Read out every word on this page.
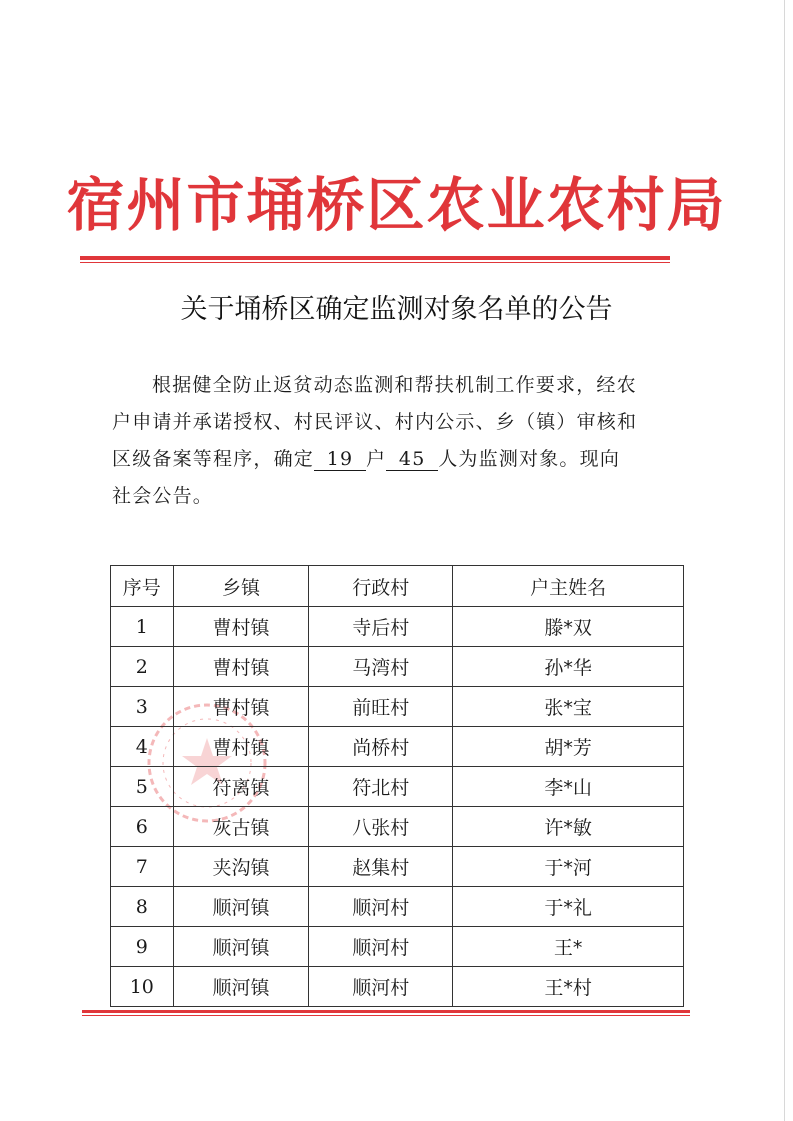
宿州市埇桥区农业农村局
关于埇桥区确定监测对象名单的公告
根据健全防止返贫动态监测和帮扶机制工作要求，经农
户申请并承诺授权、村民评议、村内公示、乡（镇）审核和
区级备案等程序，确定 19 户 45 人为监测对象。现向
社会公告。
序号	乡镇	行政村	户主姓名
1	曹村镇	寺后村	滕*双
2	曹村镇	马湾村	孙*华
3	曹村镇	前旺村	张*宝
4	曹村镇	尚桥村	胡*芳
5	符离镇	符北村	李*山
6	灰古镇	八张村	许*敏
7	夹沟镇	赵集村	于*河
8	顺河镇	顺河村	于*礼
9	顺河镇	顺河村	王*
10	顺河镇	顺河村	王*村
